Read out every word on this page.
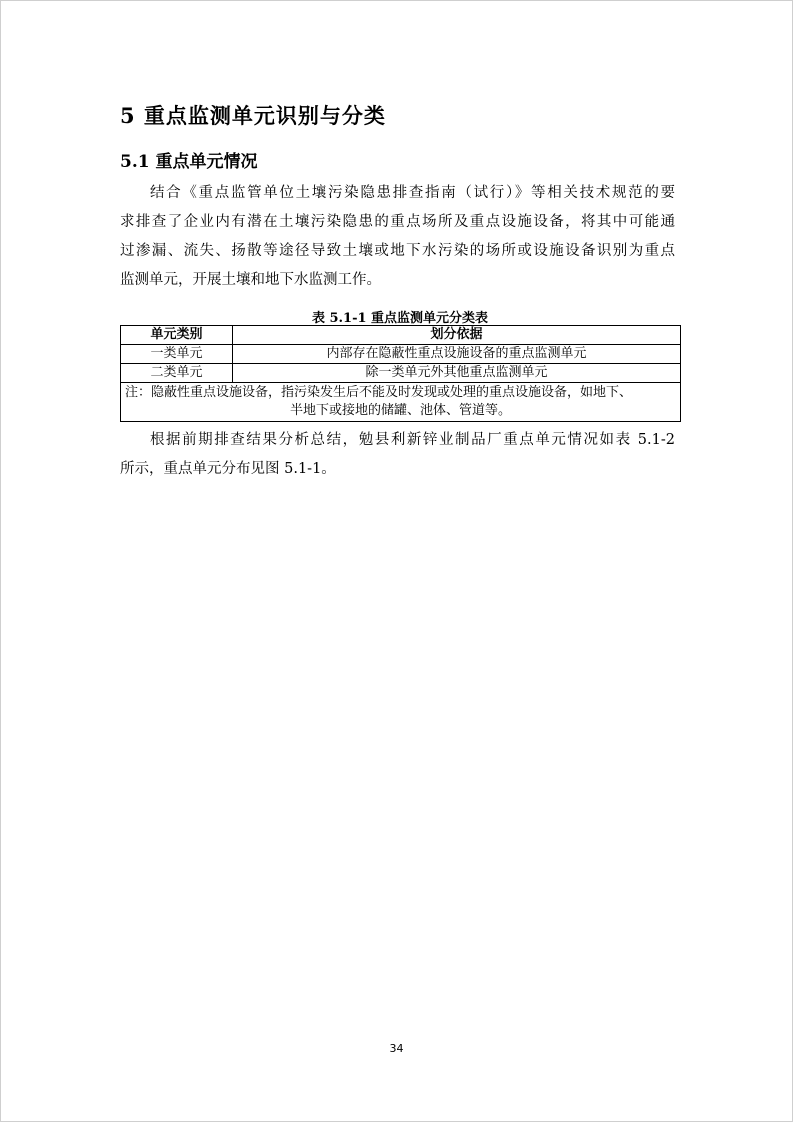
5 重点监测单元识别与分类
5.1 重点单元情况
结合《重点监管单位土壤污染隐患排查指南（试行）》等相关技术规范的要
求排查了企业内有潜在土壤污染隐患的重点场所及重点设施设备，将其中可能通
过渗漏、流失、扬散等途径导致土壤或地下水污染的场所或设施设备识别为重点
监测单元，开展土壤和地下水监测工作。
表 5.1-1 重点监测单元分类表
单元类别	划分依据
一类单元	内部存在隐蔽性重点设施设备的重点监测单元
二类单元	除一类单元外其他重点监测单元

注：隐蔽性重点设施设备，指污染发生后不能及时发现或处理的重点设施设备，如地下、
半地下或接地的储罐、池体、管道等。	
根据前期排查结果分析总结，勉县利新锌业制品厂重点单元情况如表 5.1-2
所示，重点单元分布见图 5.1-1。
34
